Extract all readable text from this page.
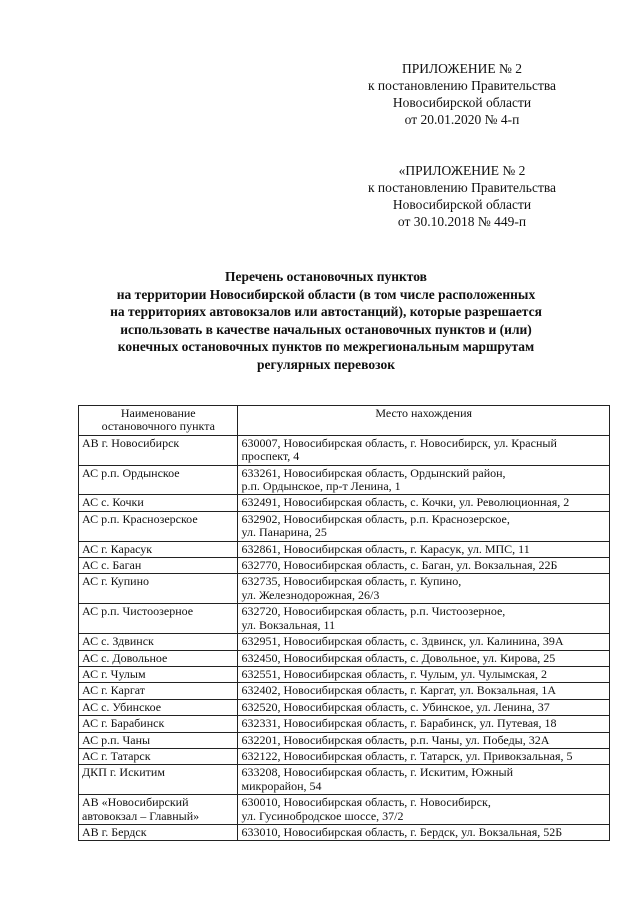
ПРИЛОЖЕНИЕ № 2
к постановлению Правительства
Новосибирской области
от 20.01.2020 № 4-п
«ПРИЛОЖЕНИЕ № 2
к постановлению Правительства
Новосибирской области
от 30.10.2018 № 449-п
Перечень остановочных пунктов
на территории Новосибирской области (в том числе расположенных
на территориях автовокзалов или автостанций), которые разрешается
использовать в качестве начальных остановочных пунктов и (или)
конечных остановочных пунктов по межрегиональным маршрутам
регулярных перевозок
Наименование
остановочного пункта	Место нахождения

АВ г. Новосибирск	630007, Новосибирская область, г. Новосибирск, ул. Красный
проспект, 4

АС р.п. Ордынское	633261, Новосибирская область, Ордынский район,
р.п. Ордынское, пр-т Ленина, 1

АС с. Кочки	632491, Новосибирская область, с. Кочки, ул. Революционная, 2

АС р.п. Краснозерское	632902, Новосибирская область, р.п. Краснозерское,
ул. Панарина, 25

АС г. Карасук	632861, Новосибирская область, г. Карасук, ул. МПС, 11

АС с. Баган	632770, Новосибирская область, с. Баган, ул. Вокзальная, 22Б

АС г. Купино	632735, Новосибирская область, г. Купино,
ул. Железнодорожная, 26/3

АС р.п. Чистоозерное	632720, Новосибирская область, р.п. Чистоозерное,
ул. Вокзальная, 11

АС с. Здвинск	632951, Новосибирская область, с. Здвинск, ул. Калинина, 39А

АС с. Довольное	632450, Новосибирская область, с. Довольное, ул. Кирова, 25

АС г. Чулым	632551, Новосибирская область, г. Чулым, ул. Чулымская, 2

АС г. Каргат	632402, Новосибирская область, г. Каргат, ул. Вокзальная, 1А

АС с. Убинское	632520, Новосибирская область, с. Убинское, ул. Ленина, 37

АС г. Барабинск	632331, Новосибирская область, г. Барабинск, ул. Путевая, 18

АС р.п. Чаны	632201, Новосибирская область, р.п. Чаны, ул. Победы, 32А

АС г. Татарск	632122, Новосибирская область, г. Татарск, ул. Привокзальная, 5

ДКП г. Искитим	633208, Новосибирская область, г. Искитим, Южный
микрорайон, 54

АВ «Новосибирский
автовокзал – Главный»	630010, Новосибирская область, г. Новосибирск,
ул. Гусинобродское шоссе, 37/2

АВ г. Бердск	633010, Новосибирская область, г. Бердск, ул. Вокзальная, 52Б
